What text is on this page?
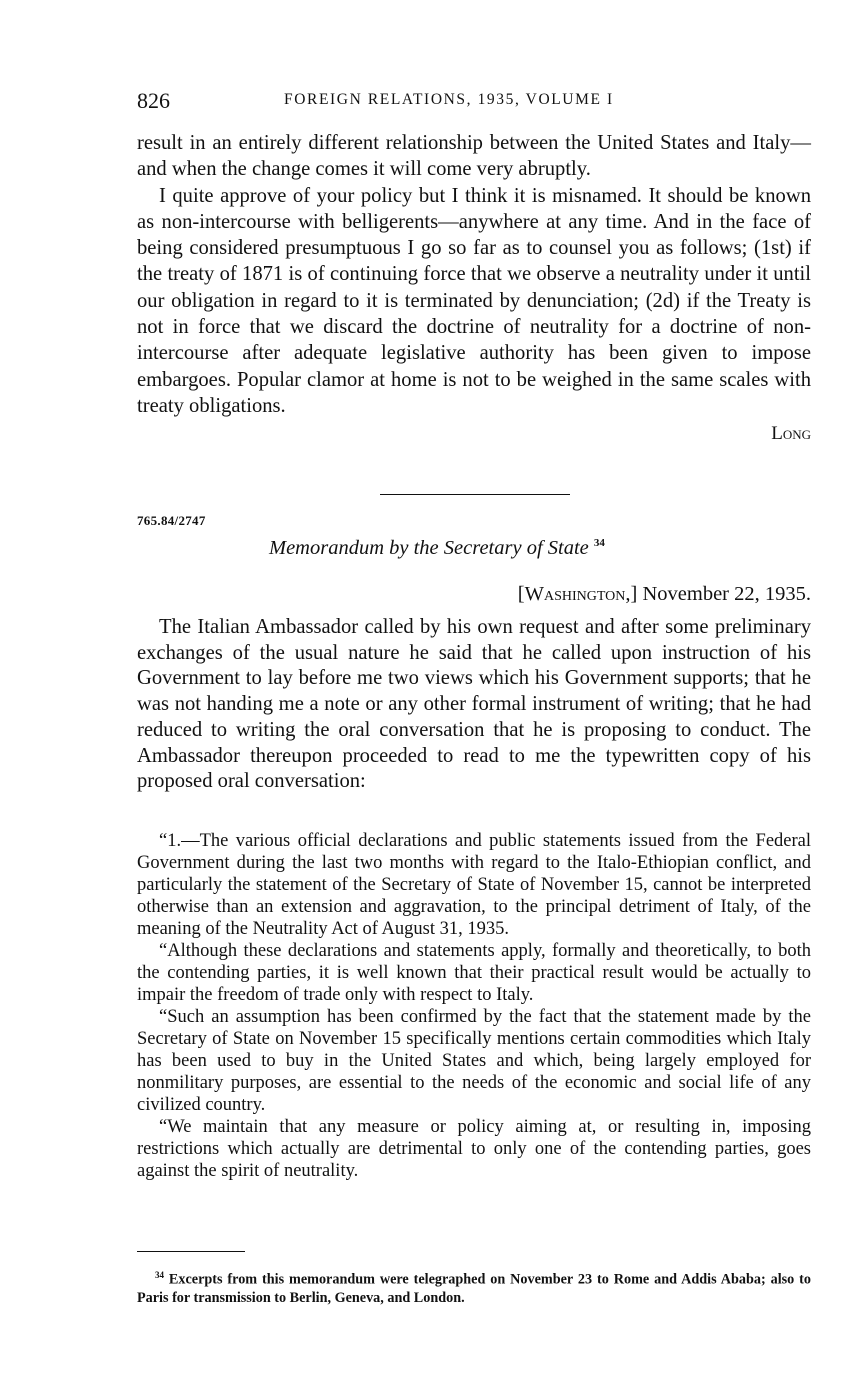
826	FOREIGN RELATIONS, 1935, VOLUME I

result in an entirely different relationship between the United States and Italy—and when the change comes it will come very abruptly.

I quite approve of your policy but I think it is misnamed. It should be known as non-intercourse with belligerents—anywhere at any time. And in the face of being considered presumptuous I go so far as to counsel you as follows; (1st) if the treaty of 1871 is of continuing force that we observe a neutrality under it until our obligation in regard to it is terminated by denunciation; (2d) if the Treaty is not in force that we discard the doctrine of neutrality for a doctrine of non-intercourse after adequate legislative authority has been given to impose embargoes. Popular clamor at home is not to be weighed in the same scales with treaty obligations.

Long
765.84/2747
Memorandum by the Secretary of State $^{34}$
[Washington,] November 22, 1935.

The Italian Ambassador called by his own request and after some preliminary exchanges of the usual nature he said that he called upon instruction of his Government to lay before me two views which his Government supports; that he was not handing me a note or any other formal instrument of writing; that he had reduced to writing the oral conversation that he is proposing to conduct. The Ambassador thereupon proceeded to read to me the typewritten copy of his proposed oral conversation:

“1.—The various official declarations and public statements issued from the Federal Government during the last two months with regard to the Italo-Ethiopian conflict, and particularly the statement of the Secretary of State of November 15, cannot be interpreted otherwise than an extension and aggravation, to the principal detriment of Italy, of the meaning of the Neutrality Act of August 31, 1935.

“Although these declarations and statements apply, formally and theoretically, to both the contending parties, it is well known that their practical result would be actually to impair the freedom of trade only with respect to Italy.

“Such an assumption has been confirmed by the fact that the statement made by the Secretary of State on November 15 specifically mentions certain commodities which Italy has been used to buy in the United States and which, being largely employed for nonmilitary purposes, are essential to the needs of the economic and social life of any civilized country.

“We maintain that any measure or policy aiming at, or resulting in, imposing restrictions which actually are detrimental to only one of the contending parties, goes against the spirit of neutrality.

$^{34}$ Excerpts from this memorandum were telegraphed on November 23 to Rome and Addis Ababa; also to Paris for transmission to Berlin, Geneva, and London.
